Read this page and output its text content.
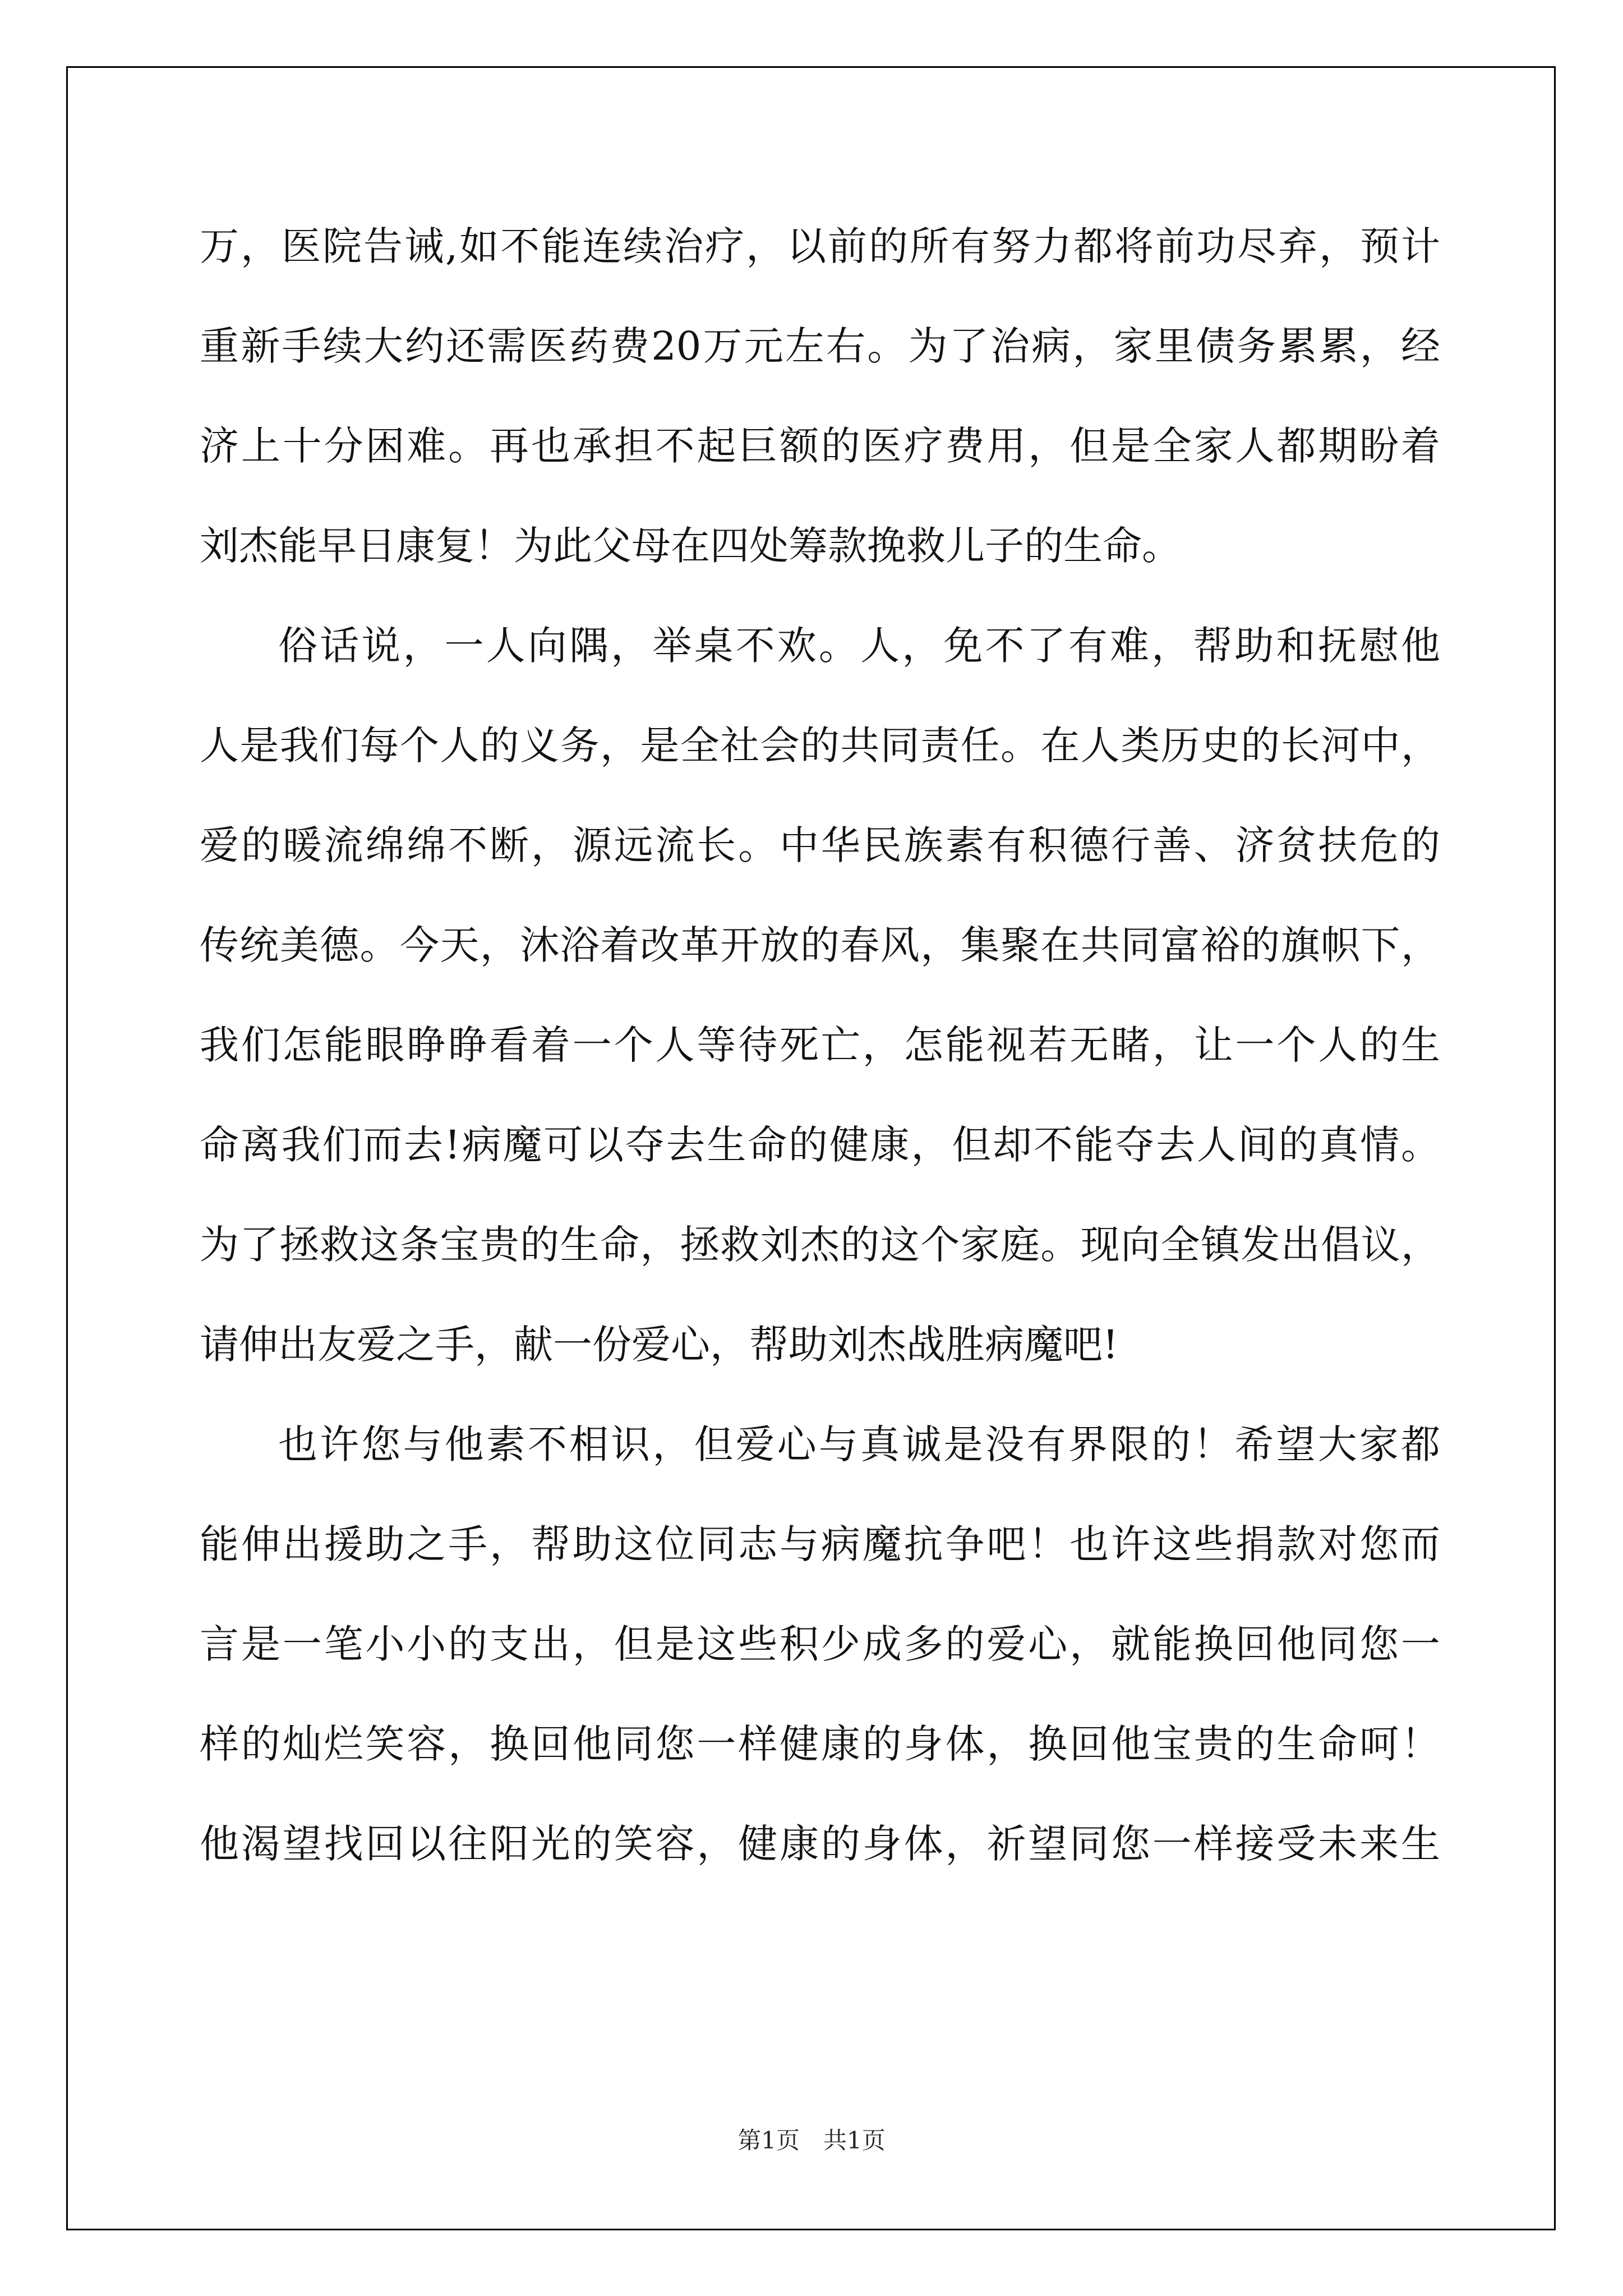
万，医院告诫,如不能连续治疗，以前的所有努力都将前功尽弃，预计
重新手续大约还需医药费20万元左右。为了治病，家里债务累累，经
济上十分困难。再也承担不起巨额的医疗费用，但是全家人都期盼着
刘杰能早日康复！为此父母在四处筹款挽救儿子的生命。
俗话说，一人向隅，举桌不欢。人，免不了有难，帮助和抚慰他
人是我们每个人的义务，是全社会的共同责任。在人类历史的长河中，
爱的暖流绵绵不断，源远流长。中华民族素有积德行善、济贫扶危的
传统美德。今天，沐浴着改革开放的春风，集聚在共同富裕的旗帜下，
我们怎能眼睁睁看着一个人等待死亡，怎能视若无睹，让一个人的生
命离我们而去!病魔可以夺去生命的健康，但却不能夺去人间的真情。
为了拯救这条宝贵的生命，拯救刘杰的这个家庭。现向全镇发出倡议，
请伸出友爱之手，献一份爱心，帮助刘杰战胜病魔吧!
也许您与他素不相识，但爱心与真诚是没有界限的！希望大家都
能伸出援助之手，帮助这位同志与病魔抗争吧！也许这些捐款对您而
言是一笔小小的支出，但是这些积少成多的爱心，就能换回他同您一
样的灿烂笑容，换回他同您一样健康的身体，换回他宝贵的生命呵！
他渴望找回以往阳光的笑容，健康的身体，祈望同您一样接受未来生
第1页　共1页
